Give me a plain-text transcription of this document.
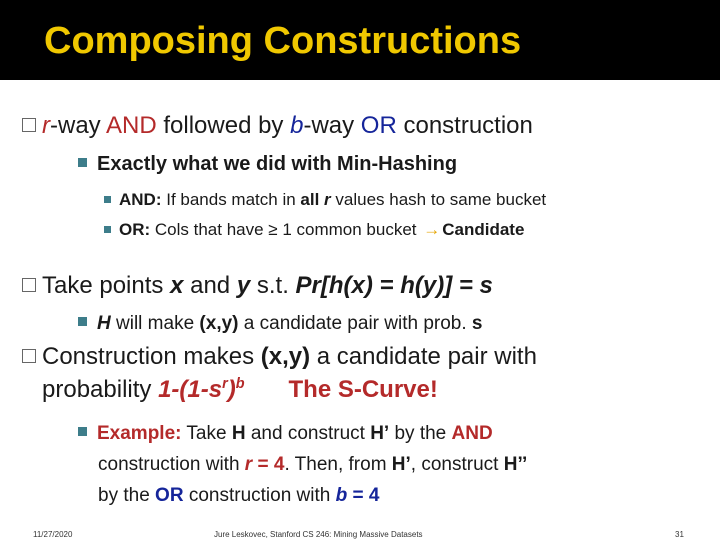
Composing Constructions
r-way AND followed by b-way OR construction
Exactly what we did with Min-Hashing
AND: If bands match in all r values hash to same bucket
OR: Cols that have ≥ 1 common bucket → Candidate
Take points x and y s.t. Pr[h(x) = h(y)] = s
H will make (x,y) a candidate pair with prob. s
Construction makes (x,y) a candidate pair with
probability $1-(1-s^r)^b$ The S-Curve!
Example: Take H and construct H’ by the AND
construction with r = 4. Then, from H’, construct H’’
by the OR construction with b = 4
11/27/2020	Jure Leskovec, Stanford CS 246: Mining Massive Datasets	31
